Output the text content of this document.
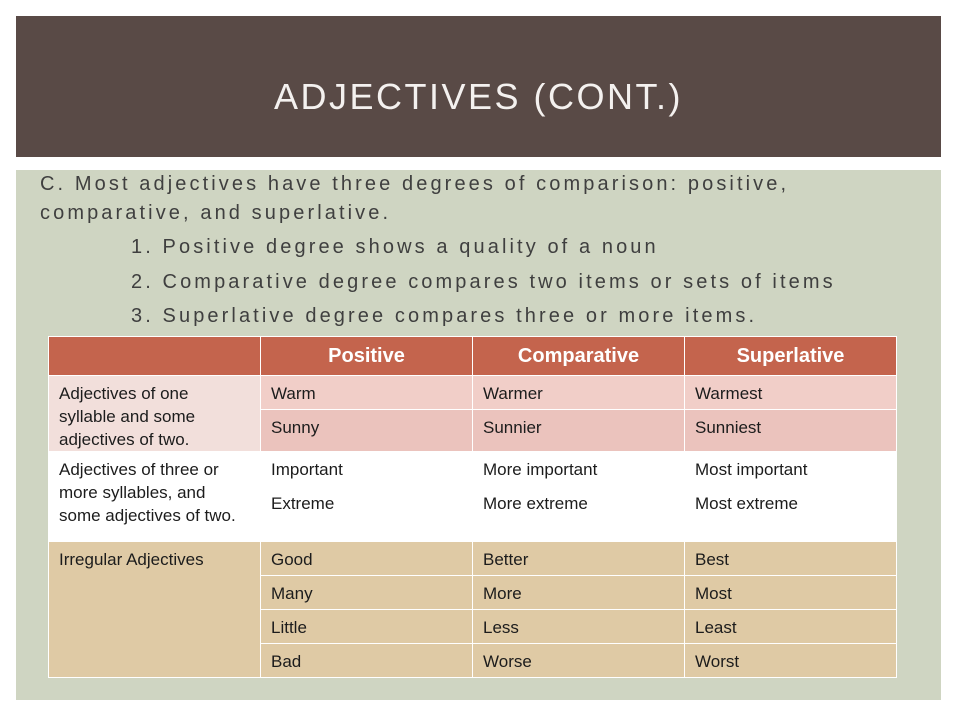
ADJECTIVES (CONT.)

C. Most adjectives have three degrees of comparison: positive, comparative, and superlative.

1. Positive degree shows a quality of a noun
2. Comparative degree compares two items or sets of items
3. Superlative degree compares three or more items.
	Positive	Comparative	Superlative
Adjectives of one syllable and some adjectives of two.	Warm	Warmer	Warmest
	Sunny	Sunnier	Sunniest
Adjectives of three or more syllables, and some adjectives of two.	Important	More important	Most important
	Extreme	More extreme	Most extreme
Irregular Adjectives	Good	Better	Best
	Many	More	Most
	Little	Less	Least
	Bad	Worse	Worst
